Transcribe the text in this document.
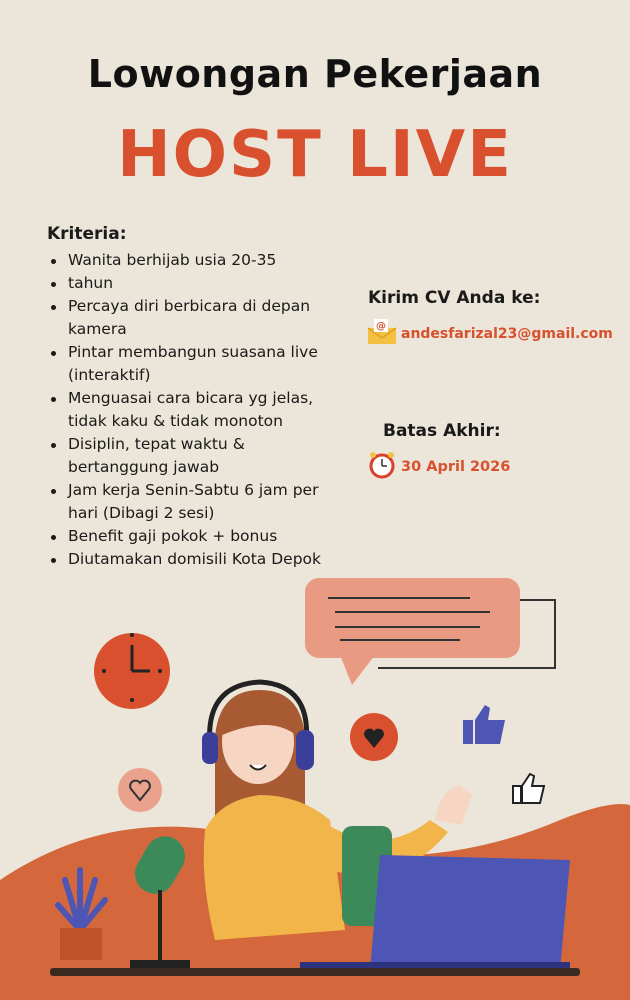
Lowongan Pekerjaan
HOST LIVE
Kriteria:
Wanita berhijab usia 20-35
tahun
Percaya diri berbicara di depan kamera
Pintar membangun suasana live (interaktif)
Menguasai cara bicara yg jelas, tidak kaku & tidak monoton
Disiplin, tepat waktu & bertanggung jawab
Jam kerja Senin-Sabtu 6 jam per hari (Dibagi 2 sesi)
Benefit gaji pokok + bonus
Diutamakan domisili Kota Depok
Kirim CV Anda ke:
@ andesfarizal23@gmail.com
Batas Akhir:
30 April 2026
